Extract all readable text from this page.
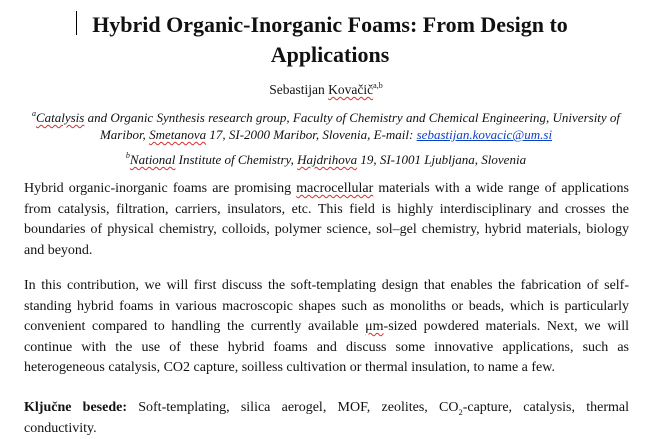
Hybrid Organic-Inorganic Foams: From Design to Applications
Sebastijan Kovačič$^{a,b}$
$^a$Catalysis and Organic Synthesis research group, Faculty of Chemistry and Chemical Engineering, University of Maribor, Smetanova 17, SI-2000 Maribor, Slovenia, E-mail: sebastijan.kovacic@um.si
$^b$National Institute of Chemistry, Hajdrihova 19, SI-1001 Ljubljana, Slovenia

Hybrid organic-inorganic foams are promising macrocellular materials with a wide range of applications from catalysis, filtration, carriers, insulators, etc. This field is highly interdisciplinary and crosses the boundaries of physical chemistry, colloids, polymer science, sol–gel chemistry, hybrid materials, biology and beyond.

In this contribution, we will first discuss the soft-templating design that enables the fabrication of self-standing hybrid foams in various macroscopic shapes such as monoliths or beads, which is particularly convenient compared to handling the currently available μm-sized powdered materials. Next, we will continue with the use of these hybrid foams and discuss some innovative applications, such as heterogeneous catalysis, CO2 capture, soilless cultivation or thermal insulation, to name a few.

Ključne besede: Soft-templating, silica aerogel, MOF, zeolites, $CO_2$-capture, catalysis, thermal conductivity.
